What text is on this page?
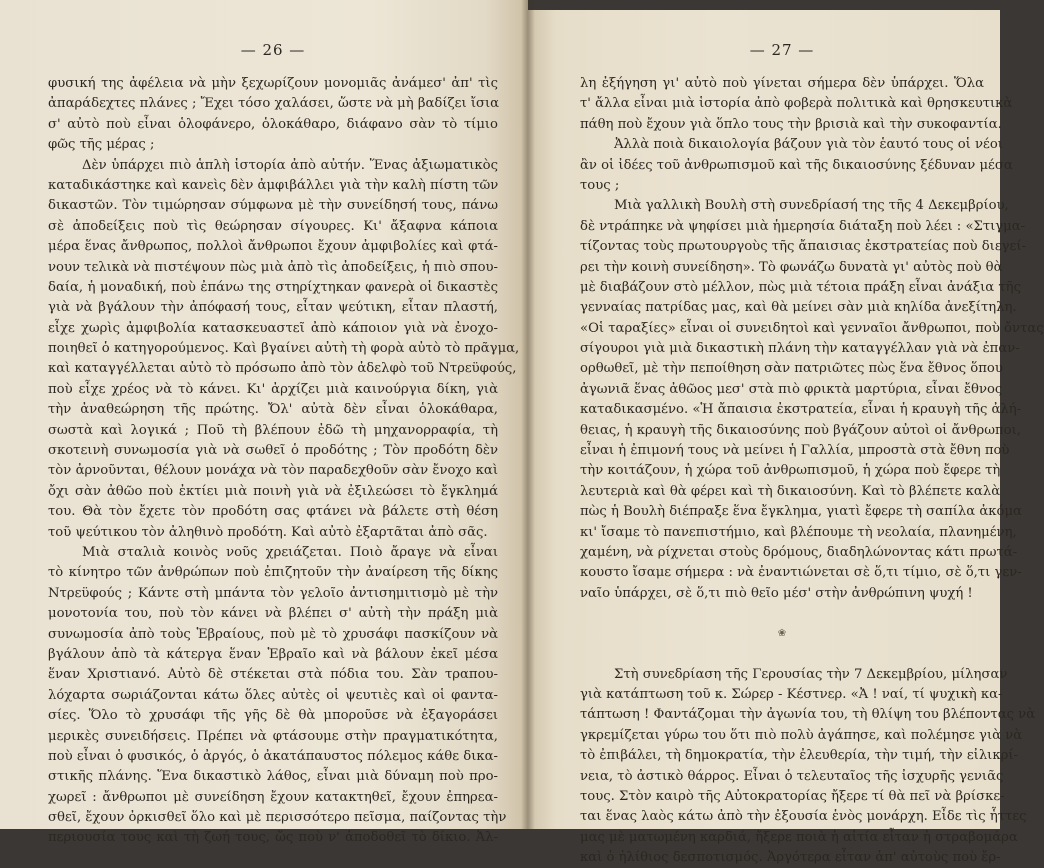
— 26 —
φυσική της ἀφέλεια νὰ μὴν ξεχωρίζουν μονομιᾶς ἀνάμεσ' ἀπ' τὶς
ἀπαράδεχτες πλάνες ; Ἔχει τόσο χαλάσει, ὥστε νὰ μὴ βαδίζει ἴσια
σ' αὐτὸ ποὺ εἶναι ὁλοφάνερο, ὁλοκάθαρο, διάφανο σὰν τὸ τίμιο
φῶς τῆς μέρας ;
Δὲν ὑπάρχει πιὸ ἁπλὴ ἱστορία ἀπὸ αὐτήν. Ἕνας ἀξιωματικὸς
καταδικάστηκε καὶ κανεὶς δὲν ἀμφιβάλλει γιὰ τὴν καλὴ πίστη τῶν
δικαστῶν. Τὸν τιμώρησαν σύμφωνα μὲ τὴν συνείδησή τους, πάνω
σὲ ἀποδείξεις ποὺ τὶς θεώρησαν σίγουρες. Κι' ἄξαφνα κάποια
μέρα ἕνας ἄνθρωπος, πολλοὶ ἄνθρωποι ἔχουν ἀμφιβολίες καὶ φτά-
νουν τελικὰ νὰ πιστέψουν πὼς μιὰ ἀπὸ τὶς ἀποδείξεις, ἡ πιὸ σπου-
δαία, ἡ μοναδική, ποὺ ἐπάνω της στηρίχτηκαν φανερὰ οἱ δικαστὲς
γιὰ νὰ βγάλουν τὴν ἀπόφασή τους, εἶταν ψεύτικη, εἶταν πλαστή,
εἶχε χωρὶς ἀμφιβολία κατασκευαστεῖ ἀπὸ κάποιον γιὰ νὰ ἐνοχο-
ποιηθεῖ ὁ κατηγορούμενος. Καὶ βγαίνει αὐτὴ τὴ φορὰ αὐτὸ τὸ πρᾶγμα,
καὶ καταγγέλλεται αὐτὸ τὸ πρόσωπο ἀπὸ τὸν ἀδελφὸ τοῦ Ντρεϋφούς,
ποὺ εἶχε χρέος νὰ τὸ κάνει. Κι' ἀρχίζει μιὰ καινούργια δίκη, γιὰ
τὴν ἀναθεώρηση τῆς πρώτης. Ὄλ' αὐτὰ δὲν εἶναι ὁλοκάθαρα,
σωστὰ καὶ λογικά ; Ποῦ τὴ βλέπουν ἐδῶ τὴ μηχανορραφία, τὴ
σκοτεινὴ συνωμοσία γιὰ νὰ σωθεῖ ὁ προδότης ; Τὸν προδότη δὲν
τὸν ἀρνοῦνται, θέλουν μονάχα νὰ τὸν παραδεχθοῦν σὰν ἔνοχο καὶ
ὄχι σὰν ἀθῶο ποὺ ἐκτίει μιὰ ποινὴ γιὰ νὰ ἐξιλεώσει τὸ ἔγκλημά
του. Θὰ τὸν ἔχετε τὸν προδότη σας φτάνει νὰ βάλετε στὴ θέση
τοῦ ψεύτικου τὸν ἀληθινὸ προδότη. Καὶ αὐτὸ ἐξαρτᾶται ἀπὸ σᾶς.
Μιὰ σταλιὰ κοινὸς νοῦς χρειάζεται. Ποιὸ ἄραγε νὰ εἶναι
τὸ κίνητρο τῶν ἀνθρώπων ποὺ ἐπιζητοῦν τὴν ἀναίρεση τῆς δίκης
Ντρεϋφούς ; Κάντε στὴ μπάντα τὸν γελοῖο ἀντισημιτισμὸ μὲ τὴν
μονοτονία του, ποὺ τὸν κάνει νὰ βλέπει σ' αὐτὴ τὴν πράξη μιὰ
συνωμοσία ἀπὸ τοὺς Ἑβραίους, ποὺ μὲ τὸ χρυσάφι πασκίζουν νὰ
βγάλουν ἀπὸ τὰ κάτεργα ἕναν Ἑβραῖο καὶ νὰ βάλουν ἐκεῖ μέσα
ἕναν Χριστιανό. Αὐτὸ δὲ στέκεται στὰ πόδια του. Σὰν τραπου-
λόχαρτα σωριάζονται κάτω ὅλες αὐτὲς οἱ ψευτιὲς καὶ οἱ φαντα-
σίες. Ὅλο τὸ χρυσάφι τῆς γῆς δὲ θὰ μποροῦσε νὰ ἐξαγοράσει
μερικὲς συνειδήσεις. Πρέπει νὰ φτάσουμε στὴν πραγματικότητα,
ποὺ εἶναι ὁ φυσικός, ὁ ἀργός, ὁ ἀκατάπαυστος πόλεμος κάθε δικα-
στικῆς πλάνης. Ἕνα δικαστικὸ λάθος, εἶναι μιὰ δύναμη ποὺ προ-
χωρεῖ : ἄνθρωποι μὲ συνείδηση ἔχουν κατακτηθεῖ, ἔχουν ἐπηρεα-
σθεῖ, ἔχουν ὀρκισθεῖ ὅλο καὶ μὲ περισσότερο πεῖσμα, παίζοντας τὴν
περιουσία τους καὶ τὴ ζωή τους, ὥς ποὺ ν' ἀποδοθεῖ τὸ δίκιο. Ἀλ-
— 27 —
λη ἐξήγηση γι' αὐτὸ ποὺ γίνεται σήμερα δὲν ὑπάρχει. Ὅλα
τ' ἄλλα εἶναι μιὰ ἱστορία ἀπὸ φοβερὰ πολιτικὰ καὶ θρησκευτικὰ
πάθη ποὺ ἔχουν γιὰ ὅπλο τους τὴν βρισιὰ καὶ τὴν συκοφαντία.
Ἀλλὰ ποιὰ δικαιολογία βάζουν γιὰ τὸν ἑαυτό τους οἱ νέοι
ἂν οἱ ἰδέες τοῦ ἀνθρωπισμοῦ καὶ τῆς δικαιοσύνης ξέδυναν μέσα
τους ;
Μιὰ γαλλικὴ Βουλὴ στὴ συνεδρίασή της τῆς 4 Δεκεμβρίου,
δὲ ντράπηκε νὰ ψηφίσει μιὰ ἡμερησία διάταξη ποὺ λέει : «Στιγμα-
τίζοντας τοὺς πρωτουργοὺς τῆς ἄπαισιας ἐκστρατείας ποὺ διεγεί-
ρει τὴν κοινὴ συνείδηση». Τὸ φωνάζω δυνατὰ γι' αὐτὸς ποὺ θὰ
μὲ διαβάζουν στὸ μέλλον, πὼς μιὰ τέτοια πράξη εἶναι ἀνάξια τῆς
γενναίας πατρίδας μας, καὶ θὰ μείνει σὰν μιὰ κηλίδα ἀνεξίτηλη.
«Οἱ ταραξίες» εἶναι οἱ συνειδητοὶ καὶ γενναῖοι ἄνθρωποι, ποὺ ὄντας
σίγουροι γιὰ μιὰ δικαστικὴ πλάνη τὴν καταγγέλλαν γιὰ νὰ ἐπαν-
ορθωθεῖ, μὲ τὴν πεποίθηση σὰν πατριῶτες πὼς ἕνα ἔθνος ὅπου
ἀγωνιᾶ ἕνας ἀθῶος μεσ' στὰ πιὸ φρικτὰ μαρτύρια, εἶναι ἔθνος
καταδικασμένο. «Ἡ ἄπαισια ἐκστρατεία, εἶναι ἡ κραυγὴ τῆς ἀλή-
θειας, ἡ κραυγὴ τῆς δικαιοσύνης ποὺ βγάζουν αὐτοὶ οἱ ἄνθρωποι,
εἶναι ἡ ἐπιμονή τους νὰ μείνει ἡ Γαλλία, μπροστὰ στὰ ἔθνη ποὺ
τὴν κοιτάζουν, ἡ χώρα τοῦ ἀνθρωπισμοῦ, ἡ χώρα ποὺ ἔφερε τὴ
λευτεριὰ καὶ θὰ φέρει καὶ τὴ δικαιοσύνη. Καὶ τὸ βλέπετε καλὰ
πὼς ἡ Βουλὴ διέπραξε ἕνα ἔγκλημα, γιατὶ ἔφερε τὴ σαπίλα ἀκόμα
κι' ἴσαμε τὸ πανεπιστήμιο, καὶ βλέπουμε τὴ νεολαία, πλανημένη,
χαμένη, νὰ ρίχνεται στοὺς δρόμους, διαδηλώνοντας κάτι πρωτά-
κουστο ἴσαμε σήμερα : νὰ ἐναντιώνεται σὲ ὅ,τι τίμιο, σὲ ὅ,τι γεν-
ναῖο ὑπάρχει, σὲ ὅ,τι πιὸ θεῖο μέσ' στὴν ἀνθρώπινη ψυχή !
❀
Στὴ συνεδρίαση τῆς Γερουσίας τὴν 7 Δεκεμβρίου, μίλησαν
γιὰ κατάπτωση τοῦ κ. Σώρερ - Κέστνερ. «Ἀ ! ναί, τί ψυχικὴ κα-
τάπτωση ! Φαντάζομαι τὴν ἀγωνία του, τὴ θλίψη του βλέποντας νὰ
γκρεμίζεται γύρω του ὅτι πιὸ πολὺ ἀγάπησε, καὶ πολέμησε γιὰ νὰ
τὸ ἐπιβάλει, τὴ δημοκρατία, τὴν ἐλευθερία, τὴν τιμή, τὴν εἰλικρί-
νεια, τὸ ἀστικὸ θάρρος. Εἶναι ὁ τελευταῖος τῆς ἰσχυρῆς γενιᾶς
τους. Στὸν καιρὸ τῆς Αὐτοκρατορίας ἤξερε τί θὰ πεῖ νὰ βρίσκε-
ται ἕνας λαὸς κάτω ἀπὸ τὴν ἐξουσία ἑνὸς μονάρχη. Εἶδε τὶς ἧττες
μας μὲ ματωμένη καρδιά, ἤξερε ποιὰ ἡ αἰτία εἶταν ἡ στραβομάρα
καὶ ὁ ἠλίθιος δεσποτισμός. Ἀργότερα εἶταν ἀπ' αὐτοὺς ποὺ ἔρ-
